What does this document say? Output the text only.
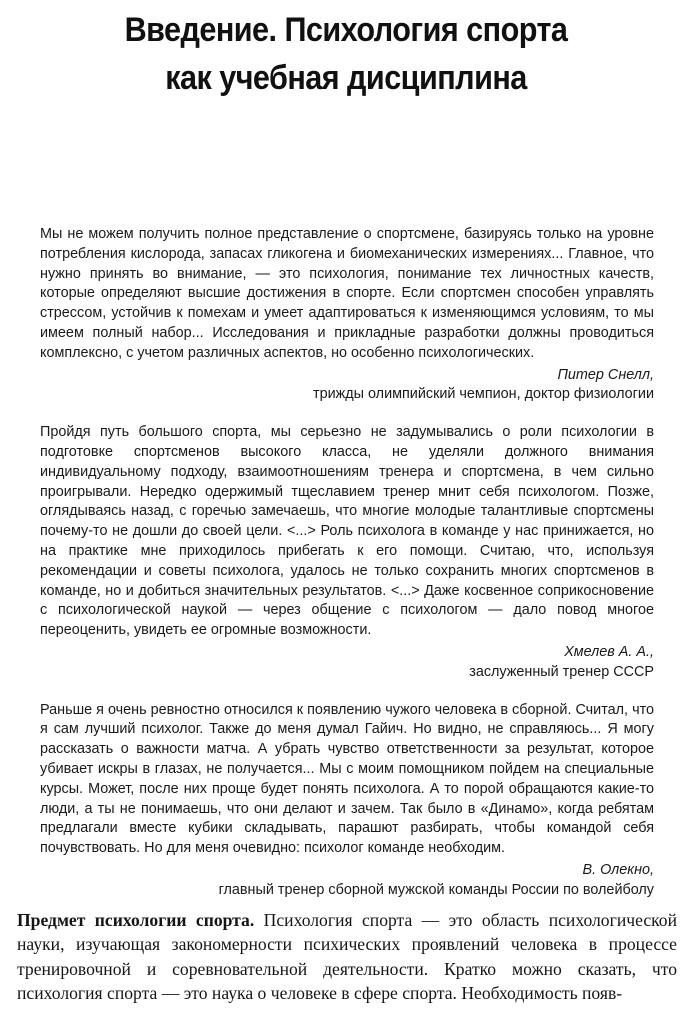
Введение. Психология спорта
как учебная дисциплина

Мы не можем получить полное представление о спортсмене, базируясь только на уровне потребления кислорода, запасах гликогена и биомеханических измерениях... Главное, что нужно принять во внимание, — это психология, понимание тех личностных качеств, которые определяют высшие достижения в спорте. Если спортсмен способен управлять стрессом, устойчив к помехам и умеет адаптироваться к изменяющимся условиям, то мы имеем полный набор... Исследования и прикладные разработки должны проводиться комплексно, с учетом различных аспектов, но особенно психологических.

Питер Снелл,

трижды олимпийский чемпион, доктор физиологии

Пройдя путь большого спорта, мы серьезно не задумывались о роли психологии в подготовке спортсменов высокого класса, не уделяли должного внимания индивидуальному подходу, взаимоотношениям тренера и спортсмена, в чем сильно проигрывали. Нередко одержимый тщеславием тренер мнит себя психологом. Позже, оглядываясь назад, с горечью замечаешь, что многие молодые талантливые спортсмены почему-то не дошли до своей цели. <...> Роль психолога в команде у нас принижается, но на практике мне приходилось прибегать к его помощи. Считаю, что, используя рекомендации и советы психолога, удалось не только сохранить многих спортсменов в команде, но и добиться значительных результатов. <...> Даже косвенное соприкосновение с психологической наукой — через общение с психологом — дало повод многое переоценить, увидеть ее огромные возможности.

Хмелев А. А.,

заслуженный тренер СССР

Раньше я очень ревностно относился к появлению чужого человека в сборной. Считал, что я сам лучший психолог. Также до меня думал Гайич. Но видно, не справляюсь... Я могу рассказать о важности матча. А убрать чувство ответственности за результат, которое убивает искры в глазах, не получается... Мы с моим помощником пойдем на специальные курсы. Может, после них проще будет понять психолога. А то порой обращаются какие-то люди, а ты не понимаешь, что они делают и зачем. Так было в «Динамо», когда ребятам предлагали вместе кубики складывать, парашют разбирать, чтобы командой себя почувствовать. Но для меня очевидно: психолог команде необходим.

В. Олекно,

главный тренер сборной мужской команды России по волейболу

Предмет психологии спорта. Психология спорта — это область психологической науки, изучающая закономерности психических проявлений человека в процессе тренировочной и соревновательной деятельности. Кратко можно сказать, что психология спорта — это наука о человеке в сфере спорта. Необходимость появ-
